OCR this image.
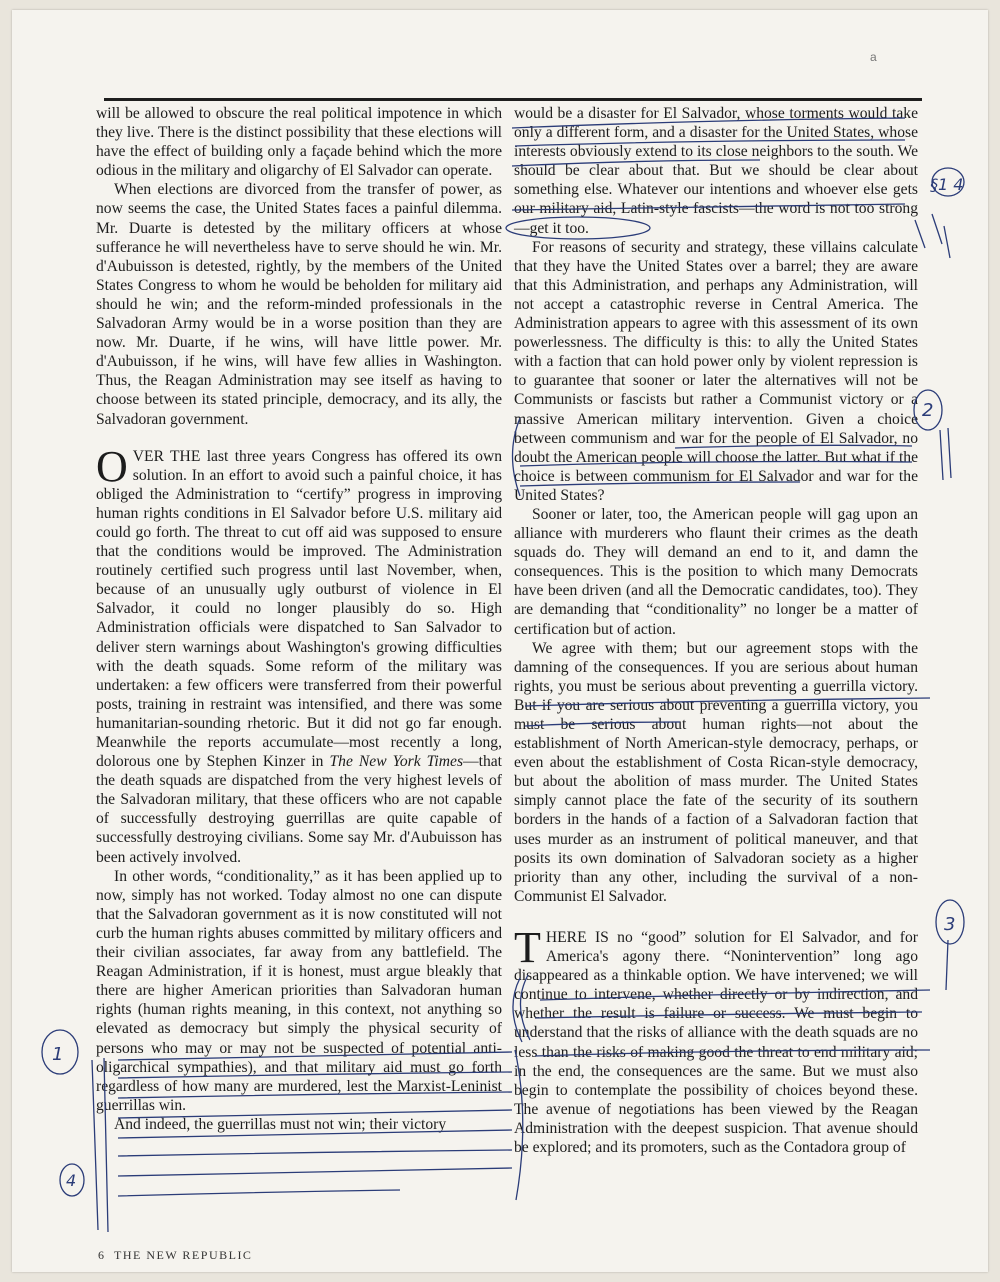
a

will be allowed to obscure the real political impotence in which they live. There is the distinct possibility that these elections will have the effect of building only a façade behind which the more odious in the military and oligarchy of El Salvador can operate.

When elections are divorced from the transfer of power, as now seems the case, the United States faces a painful dilemma. Mr. Duarte is detested by the military officers at whose sufferance he will nevertheless have to serve should he win. Mr. d'Aubuisson is detested, rightly, by the members of the United States Congress to whom he would be beholden for military aid should he win; and the reform-minded professionals in the Salvadoran Army would be in a worse position than they are now. Mr. Duarte, if he wins, will have little power. Mr. d'Aubuisson, if he wins, will have few allies in Washington. Thus, the Reagan Administration may see itself as having to choose between its stated principle, democracy, and its ally, the Salvadoran government.

OVER THE last three years Congress has offered its own solution. In an effort to avoid such a painful choice, it has obliged the Administration to “certify” progress in improving human rights conditions in El Salvador before U.S. military aid could go forth. The threat to cut off aid was supposed to ensure that the conditions would be improved. The Administration routinely certified such progress until last November, when, because of an unusually ugly outburst of violence in El Salvador, it could no longer plausibly do so. High Administration officials were dispatched to San Salvador to deliver stern warnings about Washington's growing difficulties with the death squads. Some reform of the military was undertaken: a few officers were transferred from their powerful posts, training in restraint was intensified, and there was some humanitarian-sounding rhetoric. But it did not go far enough. Meanwhile the reports accumulate—most recently a long, dolorous one by Stephen Kinzer in The New York Times—that the death squads are dispatched from the very highest levels of the Salvadoran military, that these officers who are not capable of successfully destroying guerrillas are quite capable of successfully destroying civilians. Some say Mr. d'Aubuisson has been actively involved.

In other words, “conditionality,” as it has been applied up to now, simply has not worked. Today almost no one can dispute that the Salvadoran government as it is now constituted will not curb the human rights abuses committed by military officers and their civilian associates, far away from any battlefield. The Reagan Administration, if it is honest, must argue bleakly that there are higher American priorities than Salvadoran human rights (human rights meaning, in this context, not anything so elevated as democracy but simply the physical security of persons who may or may not be suspected of potential anti-oligarchical sympathies), and that military aid must go forth regardless of how many are murdered, lest the Marxist-Leninist guerrillas win.

And indeed, the guerrillas must not win; their victory

would be a disaster for El Salvador, whose torments would take only a different form, and a disaster for the United States, whose interests obviously extend to its close neighbors to the south. We should be clear about that. But we should be clear about something else. Whatever our intentions and whoever else gets our military aid, Latin-style fascists—the word is not too strong—get it too.

For reasons of security and strategy, these villains calculate that they have the United States over a barrel; they are aware that this Administration, and perhaps any Administration, will not accept a catastrophic reverse in Central America. The Administration appears to agree with this assessment of its own powerlessness. The difficulty is this: to ally the United States with a faction that can hold power only by violent repression is to guarantee that sooner or later the alternatives will not be Communists or fascists but rather a Communist victory or a massive American military intervention. Given a choice between communism and war for the people of El Salvador, no doubt the American people will choose the latter. But what if the choice is between communism for El Salvador and war for the United States?

Sooner or later, too, the American people will gag upon an alliance with murderers who flaunt their crimes as the death squads do. They will demand an end to it, and damn the consequences. This is the position to which many Democrats have been driven (and all the Democratic candidates, too). They are demanding that “conditionality” no longer be a matter of certification but of action.

We agree with them; but our agreement stops with the damning of the consequences. If you are serious about human rights, you must be serious about preventing a guerrilla victory. But if you are serious about preventing a guerrilla victory, you must be serious about human rights—not about the establishment of North American-style democracy, perhaps, or even about the establishment of Costa Rican-style democracy, but about the abolition of mass murder. The United States simply cannot place the fate of the security of its southern borders in the hands of a faction of a Salvadoran faction that uses murder as an instrument of political maneuver, and that posits its own domination of Salvadoran society as a higher priority than any other, including the survival of a non-Communist El Salvador.

THERE IS no “good” solution for El Salvador, and for America's agony there. “Nonintervention” long ago disappeared as a thinkable option. We have intervened; we will continue to intervene, whether directly or by indirection, and whether the result is failure or success. We must begin to understand that the risks of alliance with the death squads are no less than the risks of making good the threat to end military aid; in the end, the consequences are the same. But we must also begin to contemplate the possibility of choices beyond these. The avenue of negotiations has been viewed by the Reagan Administration with the deepest suspicion. That avenue should be explored; and its promoters, such as the Contadora group of

6 THE NEW REPUBLIC
§1 4
2
3
1
4
